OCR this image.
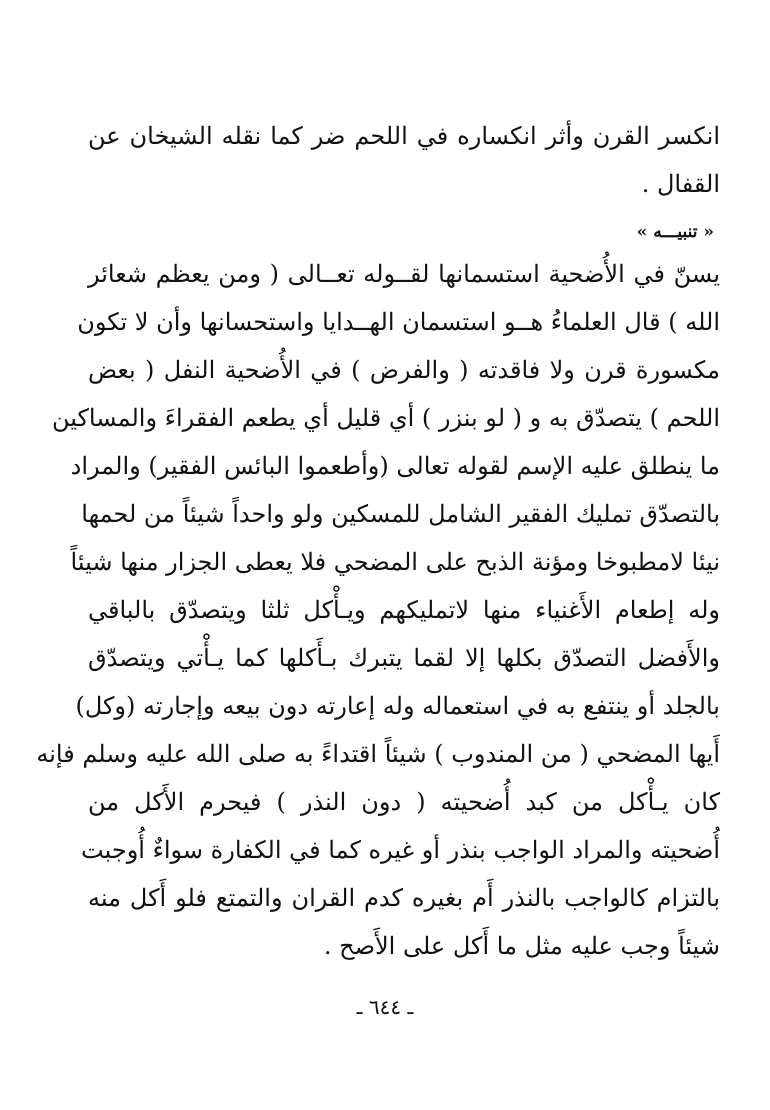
انكسر القرن وأثر انكساره في اللحم ضر كما نقله الشيخان عن
القفال .
« تنبيـــه »
يسنّ في الأُضحية استسمانها لقــوله تعــالى ( ومن يعظم شعائر
الله ) قال العلماءُ هــو استسمان الهــدايا واستحسانها وأن لا تكون
مكسورة قرن ولا فاقدته ( والفرض ) في الأُضحية النفل ( بعض
اللحم ) يتصدّق به و ( لو بنزر ) أي قليل أي يطعم الفقراءَ والمساكين
ما ينطلق عليه الإسم لقوله تعالى (وأطعموا البائس الفقير) والمراد
بالتصدّق تمليك الفقير الشامل للمسكين ولو واحداً شيئاً من لحمها
نيئا لامطبوخا ومؤنة الذبح على المضحي فلا يعطى الجزار منها شيئاً
وله إطعام الأَغنياء منها لاتمليكهم ويـأْكل ثلثا ويتصدّق بالباقي
والأَفضل التصدّق بكلها إلا لقما يتبرك بـأَكلها كما يـأْتي ويتصدّق
بالجلد أو ينتفع به في استعماله وله إعارته دون بيعه وإجارته (وكل)
أَيها المضحي ( من المندوب ) شيئاً اقتداءً به صلى الله عليه وسلم فإنه
كان يـأْكل من كبد أُضحيته ( دون النذر ) فيحرم الأَكل من
أُضحيته والمراد الواجب بنذر أو غيره كما في الكفارة سواءٌ أُوجبت
بالتزام كالواجب بالنذر أَم بغيره كدم القران والتمتع فلو أَكل منه
شيئاً وجب عليه مثل ما أَكل على الأَصح .
ـ ٦٤٤ ـ
